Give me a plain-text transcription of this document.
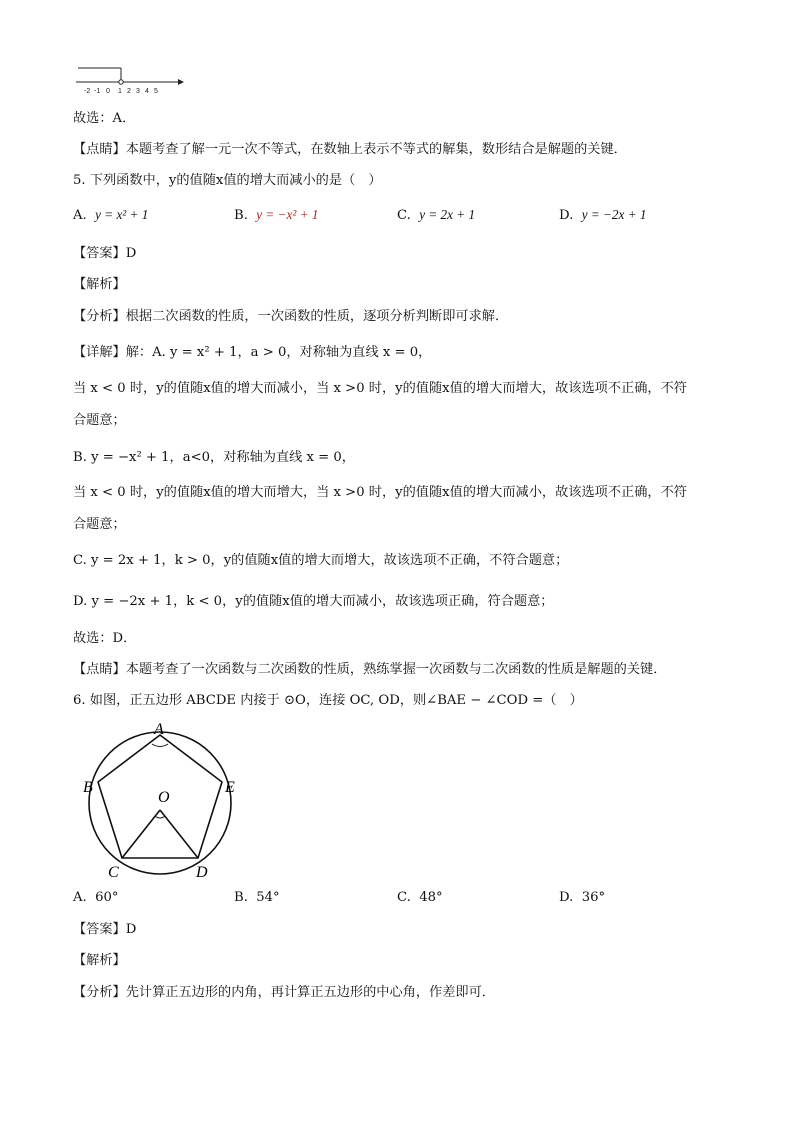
-2 -1 0 1 2 3 4 5
故选：A．
【点睛】本题考查了解一元一次不等式，在数轴上表示不等式的解集，数形结合是解题的关键．
5. 下列函数中，y的值随x值的增大而减小的是（　）
A. y = x² + 1	B. y = −x² + 1	C. y = 2x + 1	D. y = −2x + 1
【答案】D
【解析】
【分析】根据二次函数的性质，一次函数的性质，逐项分析判断即可求解．
【详解】解：A. y = x² + 1，a > 0，对称轴为直线 x = 0，
当 x < 0 时，y的值随x值的增大而减小，当 x >0 时，y的值随x值的增大而增大，故该选项不正确，不符
合题意；
B. y = −x² + 1，a<0，对称轴为直线 x = 0，
当 x < 0 时，y的值随x值的增大而增大，当 x >0 时，y的值随x值的增大而减小，故该选项不正确，不符
合题意；
C. y = 2x + 1，k > 0，y的值随x值的增大而增大，故该选项不正确，不符合题意；
D. y = −2x + 1，k < 0，y的值随x值的增大而减小，故该选项正确，符合题意；
故选：D．
【点睛】本题考查了一次函数与二次函数的性质，熟练掌握一次函数与二次函数的性质是解题的关键．
6. 如图，正五边形 ABCDE 内接于 ⊙O，连接 OC, OD，则∠BAE − ∠COD =（　）
A
B
C	D
E
O
A. 60°	B. 54°	C. 48°	D. 36°
【答案】D
【解析】
【分析】先计算正五边形的内角，再计算正五边形的中心角，作差即可．
